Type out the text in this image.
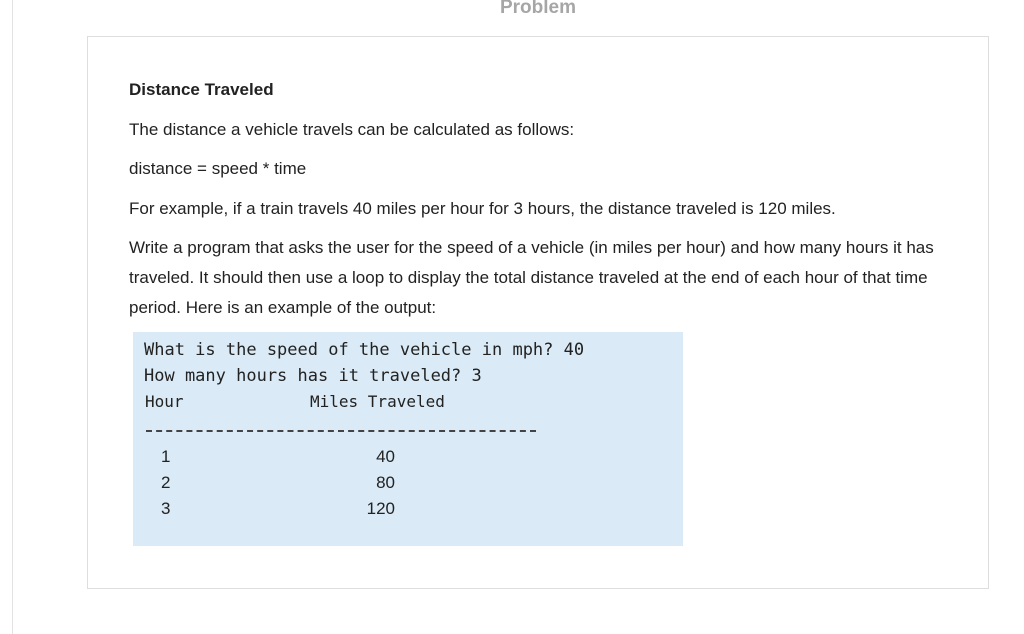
Problem
Distance Traveled

The distance a vehicle travels can be calculated as follows:

distance = speed * time

For example, if a train travels 40 miles per hour for 3 hours, the distance traveled is 120 miles.

Write a program that asks the user for the speed of a vehicle (in miles per hour) and how many hours it has traveled. It should then use a loop to display the total distance traveled at the end of each hour of that time period. Here is an example of the output:

What is the speed of the vehicle in mph? 40
How many hours has it traveled? 3
Hour	Miles Traveled
1	40
2	80
3	120
